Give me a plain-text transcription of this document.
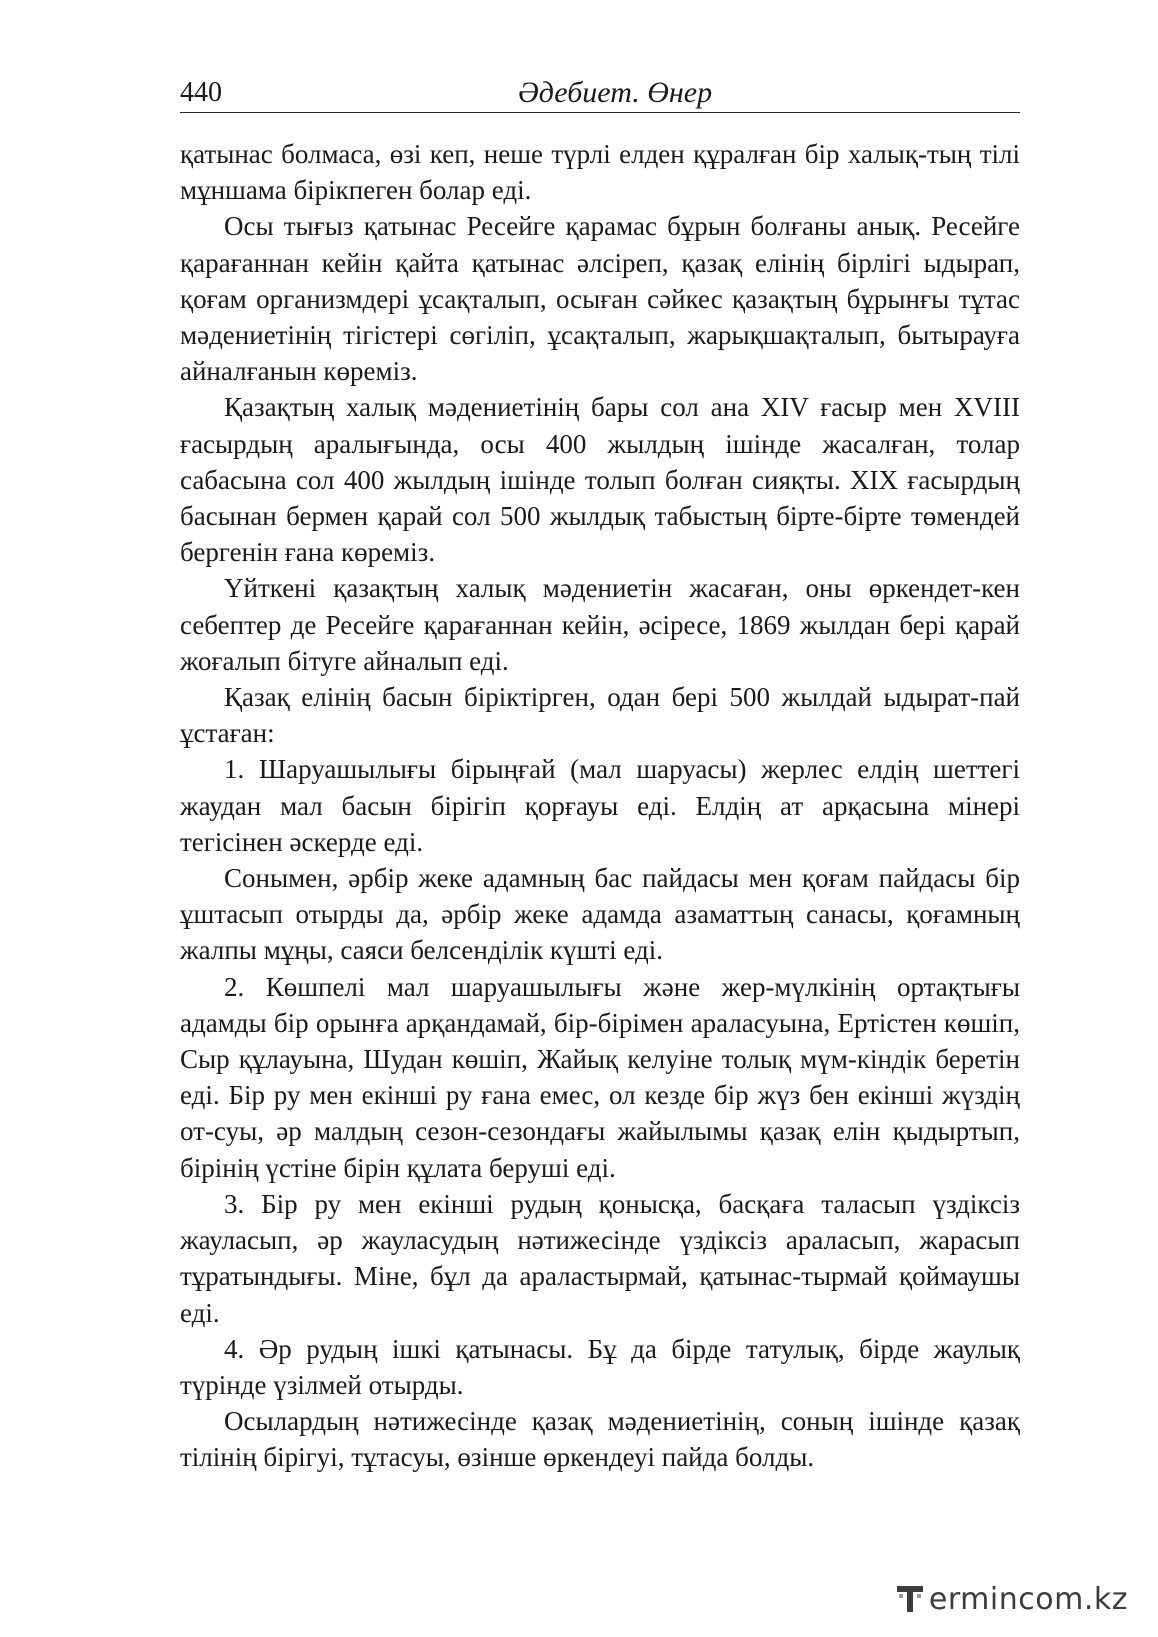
440	Әдебиет. Өнер

қатынас болмаса, өзі кеп, неше түрлі елден құралған бір халық-тың тілі мұншама бірікпеген болар еді.

Осы тығыз қатынас Ресейге қарамас бұрын болғаны анық. Ресейге қарағаннан кейін қайта қатынас әлсіреп, қазақ елінің бірлігі ыдырап, қоғам организмдері ұсақталып, осыған сәйкес қазақтың бұрынғы тұтас мәдениетінің тігістері сөгіліп, ұсақталып, жарықшақталып, бытырауға айналғанын көреміз.

Қазақтың халық мәдениетінің бары сол ана XIV ғасыр мен XVIII ғасырдың аралығында, осы 400 жылдың ішінде жасалған, толар сабасына сол 400 жылдың ішінде толып болған сияқты. XIX ғасырдың басынан бермен қарай сол 500 жылдық табыстың бірте-бірте төмендей бергенін ғана көреміз.

Үйткені қазақтың халық мәдениетін жасаған, оны өркендет-кен себептер де Ресейге қарағаннан кейін, әсіресе, 1869 жылдан бері қарай жоғалып бітуге айналып еді.

Қазақ елінің басын біріктірген, одан бері 500 жылдай ыдырат-пай ұстаған:

1. Шаруашылығы бірыңғай (мал шаруасы) жерлес елдің шеттегі жаудан мал басын бірігіп қорғауы еді. Елдің ат арқасына мінері тегісінен әскерде еді.

Сонымен, әрбір жеке адамның бас пайдасы мен қоғам пайдасы бір ұштасып отырды да, әрбір жеке адамда азаматтың санасы, қоғамның жалпы мұңы, саяси белсенділік күшті еді.

2. Көшпелі мал шаруашылығы және жер-мүлкінің ортақтығы адамды бір орынға арқандамай, бір-бірімен араласуына, Ертістен көшіп, Сыр құлауына, Шудан көшіп, Жайық келуіне толық мүм-кіндік беретін еді. Бір ру мен екінші ру ғана емес, ол кезде бір жүз бен екінші жүздің от-суы, әр малдың сезон-сезондағы жайылымы қазақ елін қыдыртып, бірінің үстіне бірін құлата беруші еді.

3. Бір ру мен екінші рудың қонысқа, басқаға таласып үздіксіз жауласып, әр жауласудың нәтижесінде үздіксіз араласып, жарасып тұратындығы. Міне, бұл да араластырмай, қатынас-тырмай қоймаушы еді.

4. Әр рудың ішкі қатынасы. Бұ да бірде татулық, бірде жаулық түрінде үзілмей отырды.

Осылардың нәтижесінде қазақ мәдениетінің, соның ішінде қазақ тілінің бірігуі, тұтасуы, өзінше өркендеуі пайда болды.

ermincom.kz
